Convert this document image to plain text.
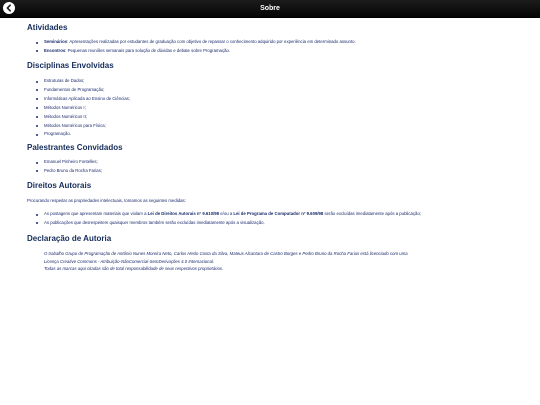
Sobre
Atividades
Seminários: Apresentações realizadas por estudantes de graduação com objetivo de repassar o conhecimento adquirido por experiência em determinado assunto.
Encontros: Pequenas reuniões semanais para solução de dúvidas e debate sobre Programação.
Disciplinas Envolvidas
Estruturas de Dados;
Fundamentos de Programação;
Informáticas Aplicada ao Ensino de Ciências;
Métodos Numéricos I;
Métodos Numéricos II;
Métodos Numéricos para Física;
Programação.
Palestrantes Convidados
Emanuel Pinheiro Fontelles;
Pedro Bruno da Rocha Farias;
Direitos Autorais
Procurando respeitar as propriedades intelectuais, tomamos as seguintes medidas:
As postagens que apresentam materiais que violam a Lei de Direitos Autorais nº 9.610/98 e/ou a Lei de Programa de Computador nº 9.609/98 serão excluídas imediatamente após a publicação;
As publicações que desrespeitem quaisquer membros também serão excluídas imediatamente após a visualização.
Declaração de Autoria

O trabalho Grupo de Programação de Antônio Nunes Moreira Neto, Carlos Heslo Costa da Silva, Mateus Alcantara de Castro Borges e Pedro Bruno da Rocha Farias está licenciado com uma

Licença Creative Commons - Atribuição-NãoComercial-SemDerivações 4.0 Internacional.

Todas as marcas aqui citadas são de total responsabilidade de seus respectivos proprietários.
